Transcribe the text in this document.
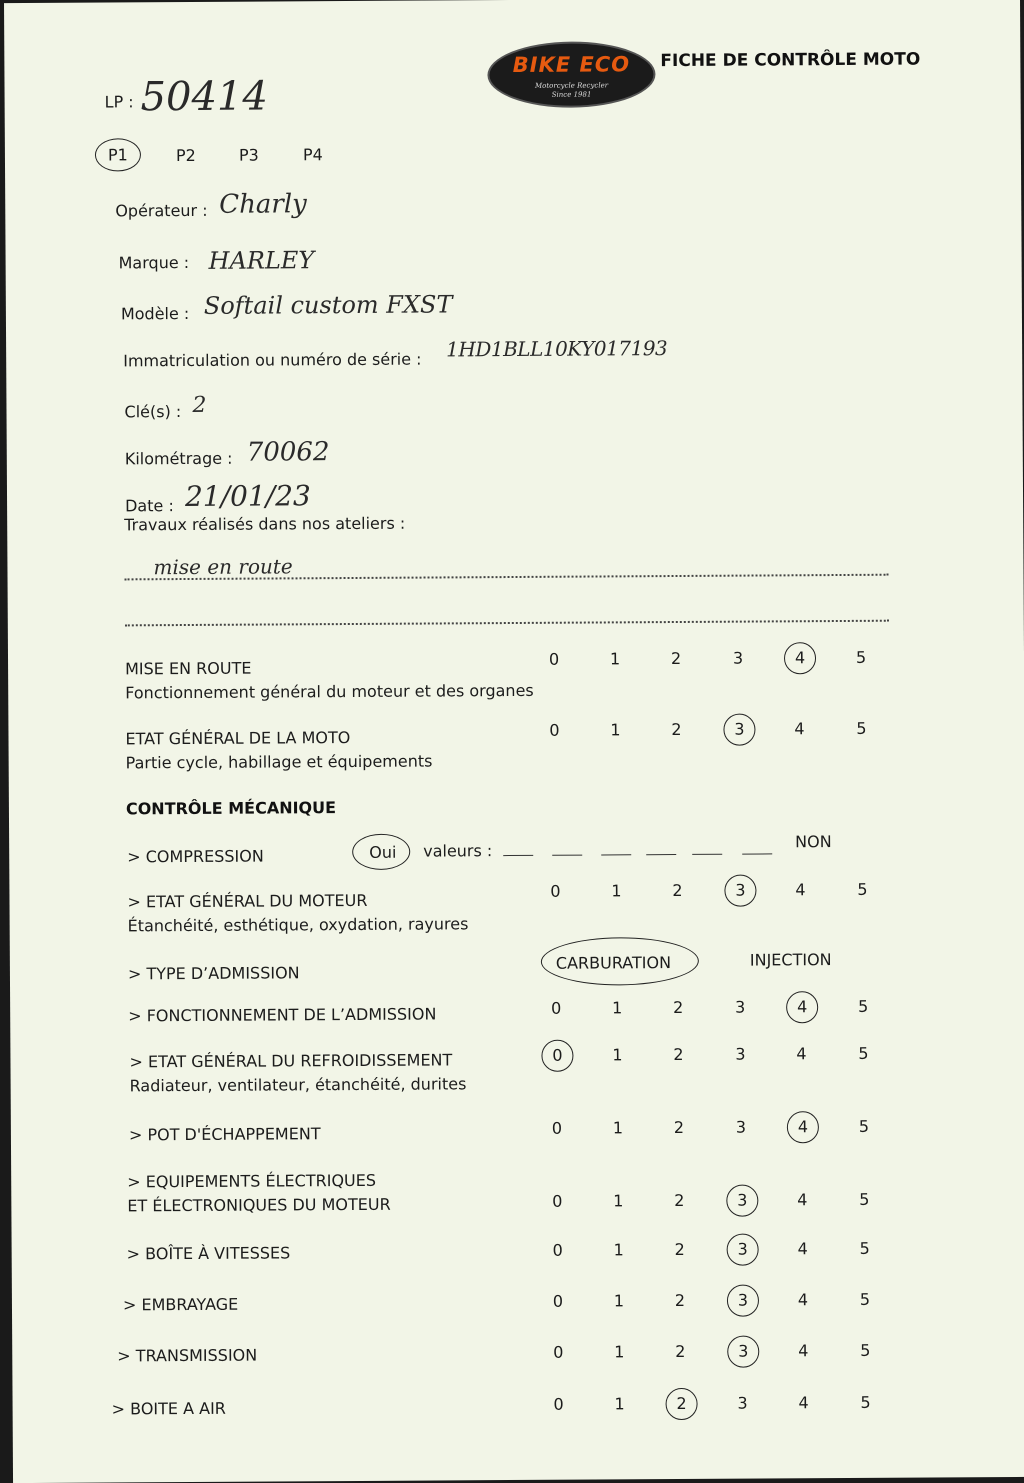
BIKE ECO
Motorcycle Recycler
Since 1981
FICHE DE CONTRÔLE MOTO
LP : 50414
P1	P2	P3	P4
Opérateur : Charly
Marque : HARLEY
Modèle : Softail custom FXST
Immatriculation ou numéro de série : 1HD1BLL10KY017193
Clé(s) : 2
Kilométrage : 70062
Date : 21/01/23
Travaux réalisés dans nos ateliers :
mise en route
MISE EN ROUTE
Fonctionnement général du moteur et des organes
0	1	2	3	4	5
ETAT GÉNÉRAL DE LA MOTO
Partie cycle, habillage et équipements
0	1	2	3	4	5
CONTRÔLE MÉCANIQUE
> COMPRESSION	Oui valeurs :	NON
> ETAT GÉNÉRAL DU MOTEUR
Étanchéité, esthétique, oxydation, rayures
0	1	2	3	4	5
> TYPE D’ADMISSION
CARBURATION	INJECTION
> FONCTIONNEMENT DE L’ADMISSION	0	1	2	3	4	5
> ETAT GÉNÉRAL DU REFROIDISSEMENT
Radiateur, ventilateur, étanchéité, durites
0	1	2	3	4	5
> POT D'ÉCHAPPEMENT	0	1	2	3	4	5
> EQUIPEMENTS ÉLECTRIQUES
ET ÉLECTRONIQUES DU MOTEUR	0	1	2	3	4	5
> BOÎTE À VITESSES	0	1	2	3	4	5
> EMBRAYAGE	0	1	2	3	4	5
> TRANSMISSION	0	1	2	3	4	5
> BOITE A AIR	0	1	2	3	4	5
